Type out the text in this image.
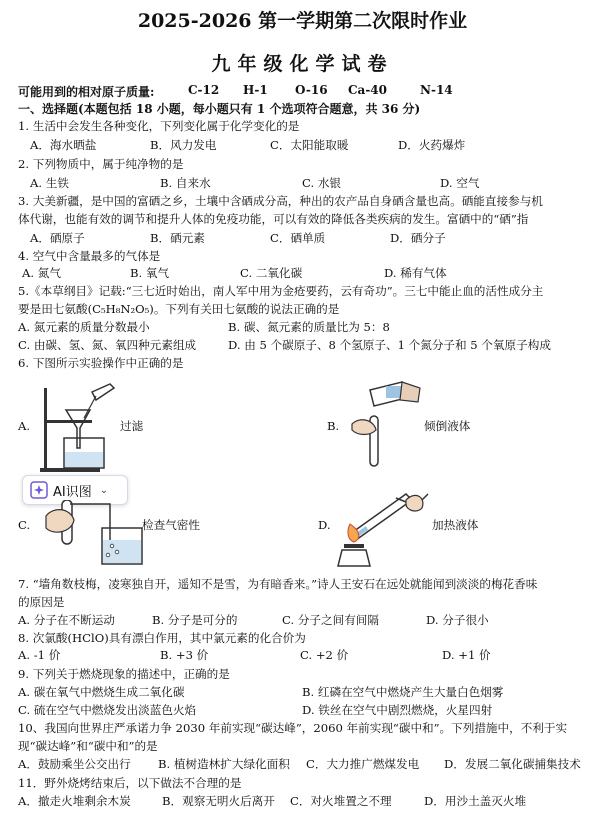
2025-2026 第一学期第二次限时作业
九年级化学试卷
可能用到的相对原子质量:	C-12 H-1 O-16 Ca-40	N-14
一、选择题(本题包括 18 小题，每小题只有 1 个选项符合题意，共 36 分)
1. 生活中会发生各种变化，下列变化属于化学变化的是
A．海水晒盐	B．风力发电	C．太阳能取暖	D．火药爆炸
2. 下列物质中，属于纯净物的是
A. 生铁	B. 自来水	C. 水银	D. 空气
3. 大美新疆，是中国的富硒之乡，土壤中含硒成分高，种出的农产品自身硒含量也高。硒能直接参与机
体代谢，也能有效的调节和提升人体的免疫功能，可以有效的降低各类疾病的发生。富硒中的“硒”指
A．硒原子	B．硒元素	C．硒单质	D．硒分子
4. 空气中含量最多的气体是
A. 氮气	B. 氧气	C. 二氧化碳	D. 稀有气体
5.《本草纲目》记载:“三七近时始出，南人军中用为金疮要药，云有奇功”。三七中能止血的活性成分主
要是田七氨酸(C₅H₈N₂O₅)。下列有关田七氨酸的说法正确的是
A. 氮元素的质量分数最小	B. 碳、氮元素的质量比为 5：8
C. 由碳、氢、氮、氧四种元素组成	D. 由 5 个碳原子、8 个氢原子、1 个氮分子和 5 个氧原子构成
6. 下图所示实验操作中正确的是
A.	过滤	B.	倾倒液体
C.	检查气密性	D.	加热液体
AI识图 ⌄
7. “墙角数枝梅，凌寒独自开，遥知不是雪，为有暗香来。”诗人王安石在远处就能闻到淡淡的梅花香味
的原因是
A. 分子在不断运动	B. 分子是可分的	C. 分子之间有间隔	D. 分子很小
8. 次氯酸(HClO)具有漂白作用，其中氯元素的化合价为
A. -1 价	B. +3 价	C. +2 价	D. +1 价
9. 下列关于燃烧现象的描述中，正确的是
A. 碳在氧气中燃烧生成二氧化碳	B. 红磷在空气中燃烧产生大量白色烟雾
C. 硫在空气中燃烧发出淡蓝色火焰	D. 铁丝在空气中剧烈燃烧，火星四射
10、我国向世界庄严承诺力争 2030 年前实现“碳达峰”，2060 年前实现“碳中和”。下列措施中，不利于实
现“碳达峰”和“碳中和”的是
A．鼓励乘坐公交出行 B. 植树造林扩大绿化面积 C．大力推广燃煤发电 D．发展二氧化碳捕集技术
11．野外烧烤结束后，以下做法不合理的是
A．撤走火堆剩余木炭	B．观察无明火后离开 C．对火堆置之不理	D．用沙土盖灭火堆
